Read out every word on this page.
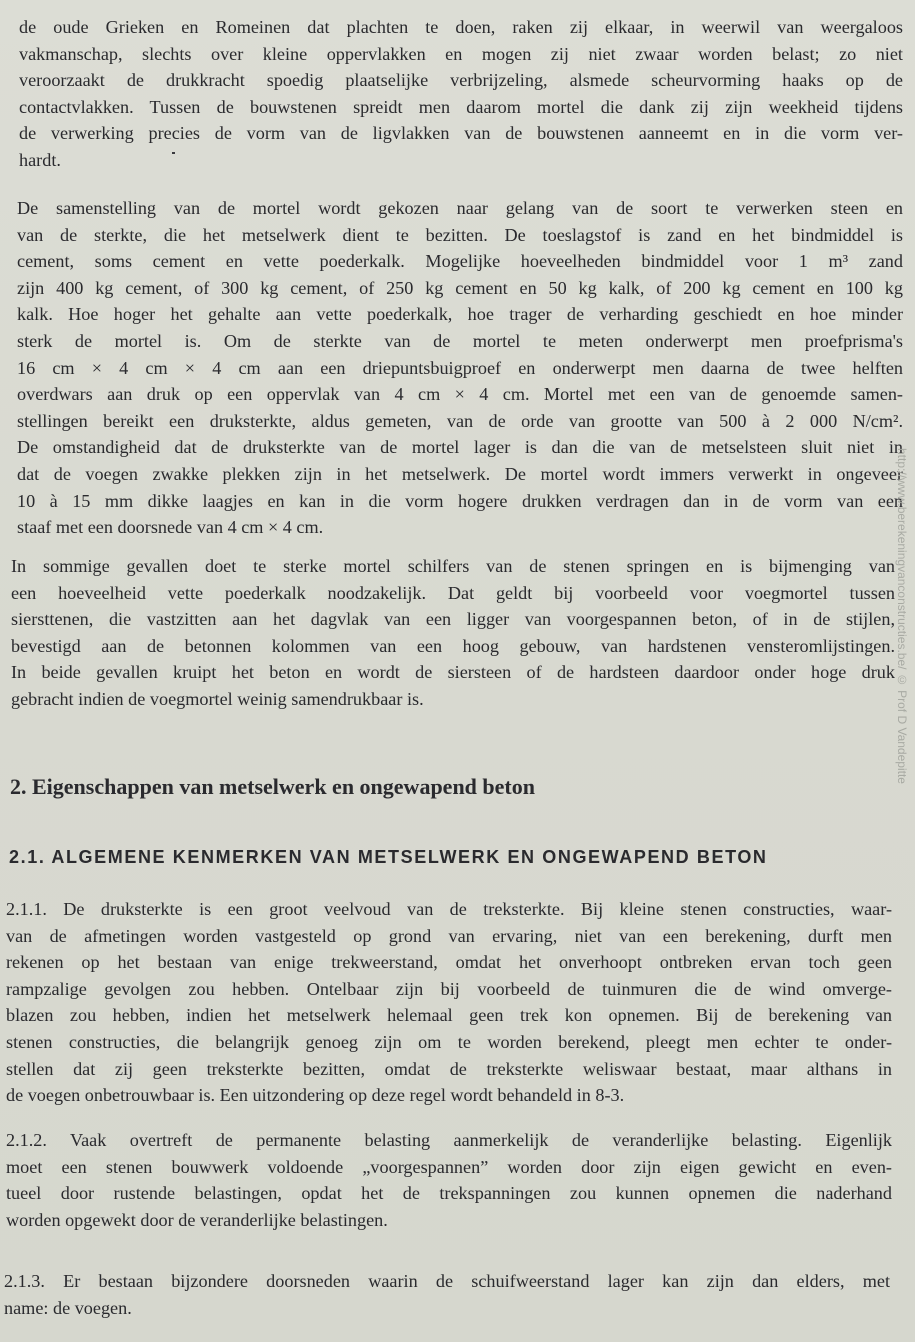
de oude Grieken en Romeinen dat plachten te doen, raken zij elkaar, in weerwil van weergaloos
vakmanschap, slechts over kleine oppervlakken en mogen zij niet zwaar worden belast; zo niet
veroorzaakt de drukkracht spoedig plaatselijke verbrijzeling, alsmede scheurvorming haaks op de
contactvlakken. Tussen de bouwstenen spreidt men daarom mortel die dank zij zijn weekheid tijdens
de verwerking precies de vorm van de ligvlakken van de bouwstenen aanneemt en in die vorm ver-
hardt.
De samenstelling van de mortel wordt gekozen naar gelang van de soort te verwerken steen en
van de sterkte, die het metselwerk dient te bezitten. De toeslagstof is zand en het bindmiddel is
cement, soms cement en vette poederkalk. Mogelijke hoeveelheden bindmiddel voor 1 m³ zand
zijn 400 kg cement, of 300 kg cement, of 250 kg cement en 50 kg kalk, of 200 kg cement en 100 kg
kalk. Hoe hoger het gehalte aan vette poederkalk, hoe trager de verharding geschiedt en hoe minder
sterk de mortel is. Om de sterkte van de mortel te meten onderwerpt men proefprisma's
16 cm × 4 cm × 4 cm aan een driepuntsbuigproef en onderwerpt men daarna de twee helften
overdwars aan druk op een oppervlak van 4 cm × 4 cm. Mortel met een van de genoemde samen-
stellingen bereikt een druksterkte, aldus gemeten, van de orde van grootte van 500 à 2 000 N/cm².
De omstandigheid dat de druksterkte van de mortel lager is dan die van de metselsteen sluit niet in
dat de voegen zwakke plekken zijn in het metselwerk. De mortel wordt immers verwerkt in ongeveer
10 à 15 mm dikke laagjes en kan in die vorm hogere drukken verdragen dan in de vorm van een
staaf met een doorsnede van 4 cm × 4 cm.
In sommige gevallen doet te sterke mortel schilfers van de stenen springen en is bijmenging van
een hoeveelheid vette poederkalk noodzakelijk. Dat geldt bij voorbeeld voor voegmortel tussen
siersttenen, die vastzitten aan het dagvlak van een ligger van voorgespannen beton, of in de stijlen,
bevestigd aan de betonnen kolommen van een hoog gebouw, van hardstenen vensteromlijstingen.
In beide gevallen kruipt het beton en wordt de siersteen of de hardsteen daardoor onder hoge druk
gebracht indien de voegmortel weinig samendrukbaar is.
2. Eigenschappen van metselwerk en ongewapend beton
2.1. ALGEMENE KENMERKEN VAN METSELWERK EN ONGEWAPEND BETON
2.1.1. De druksterkte is een groot veelvoud van de treksterkte. Bij kleine stenen constructies, waar-
van de afmetingen worden vastgesteld op grond van ervaring, niet van een berekening, durft men
rekenen op het bestaan van enige trekweerstand, omdat het onverhoopt ontbreken ervan toch geen
rampzalige gevolgen zou hebben. Ontelbaar zijn bij voorbeeld de tuinmuren die de wind omverge-
blazen zou hebben, indien het metselwerk helemaal geen trek kon opnemen. Bij de berekening van
stenen constructies, die belangrijk genoeg zijn om te worden berekend, pleegt men echter te onder-
stellen dat zij geen treksterkte bezitten, omdat de treksterkte weliswaar bestaat, maar althans in
de voegen onbetrouwbaar is. Een uitzondering op deze regel wordt behandeld in 8-3.
2.1.2. Vaak overtreft de permanente belasting aanmerkelijk de veranderlijke belasting. Eigenlijk
moet een stenen bouwwerk voldoende „voorgespannen” worden door zijn eigen gewicht en even-
tueel door rustende belastingen, opdat het de trekspanningen zou kunnen opnemen die naderhand
worden opgewekt door de veranderlijke belastingen.
2.1.3. Er bestaan bijzondere doorsneden waarin de schuifweerstand lager kan zijn dan elders, met
name: de voegen.
http://www.berekeningvanconstructies.be/ © Prof D Vandepitte
